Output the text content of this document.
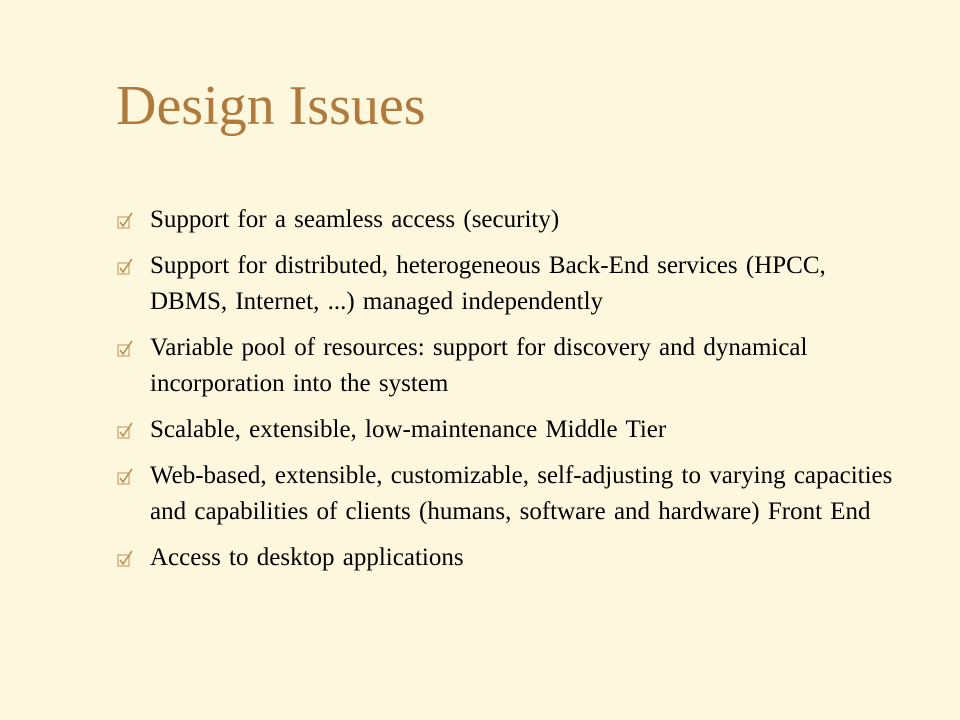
Design Issues
Support for a seamless access (security)
Support for distributed, heterogeneous Back-End services (HPCC, DBMS, Internet, ...) managed independently
Variable pool of resources: support for discovery and dynamical incorporation into the system
Scalable, extensible, low-maintenance Middle Tier
Web-based, extensible, customizable, self-adjusting to varying capacities and capabilities of clients (humans, software and hardware) Front End
Access to desktop applications
